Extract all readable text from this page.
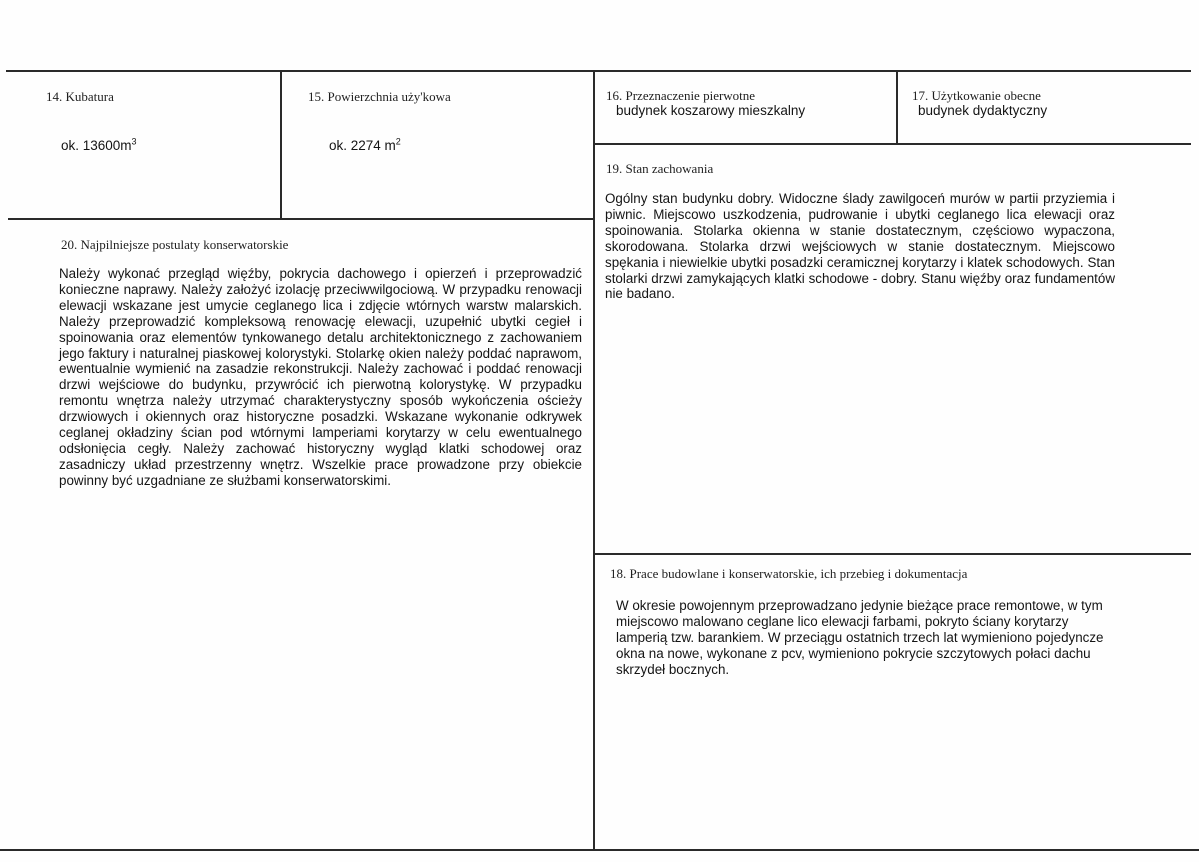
14. Kubatura
ok. $13600m^3$
15. Powierzchnia uży'kowa
ok. 2274 $m^2$
16. Przeznaczenie pierwotne
budynek koszarowy mieszkalny
17. Użytkowanie obecne
budynek dydaktyczny
19. Stan zachowania
Ogólny stan budynku dobry. Widoczne ślady zawilgoceń murów w partii przyziemia i piwnic. Miejscowo uszkodzenia, pudrowanie i ubytki ceglanego lica elewacji oraz spoinowania. Stolarka okienna w stanie dostatecznym, częściowo wypaczona, skorodowana. Stolarka drzwi wejściowych w stanie dostatecznym. Miejscowo spękania i niewielkie ubytki posadzki ceramicznej korytarzy i klatek schodowych. Stan stolarki drzwi zamykających klatki schodowe - dobry. Stanu więźby oraz fundamentów nie badano.
20. Najpilniejsze postulaty konserwatorskie
Należy wykonać przegląd więźby, pokrycia dachowego i opierzeń i przeprowadzić konieczne naprawy. Należy założyć izolację przeciwwilgociową. W przypadku renowacji elewacji wskazane jest umycie ceglanego lica i zdjęcie wtórnych warstw malarskich. Należy przeprowadzić kompleksową renowację elewacji, uzupełnić ubytki cegieł i spoinowania oraz elementów tynkowanego detalu architektonicznego z zachowaniem jego faktury i naturalnej piaskowej kolorystyki. Stolarkę okien należy poddać naprawom, ewentualnie wymienić na zasadzie rekonstrukcji. Należy zachować i poddać renowacji drzwi wejściowe do budynku, przywrócić ich pierwotną kolorystykę. W przypadku remontu wnętrza należy utrzymać charakterystyczny sposób wykończenia ościeży drzwiowych i okiennych oraz historyczne posadzki. Wskazane wykonanie odkrywek ceglanej okładziny ścian pod wtórnymi lamperiami korytarzy w celu ewentualnego odsłonięcia cegły. Należy zachować historyczny wygląd klatki schodowej oraz zasadniczy układ przestrzenny wnętrz. Wszelkie prace prowadzone przy obiekcie powinny być uzgadniane ze służbami konserwatorskimi.
18. Prace budowlane i konserwatorskie, ich przebieg i dokumentacja
W okresie powojennym przeprowadzano jedynie bieżące prace remontowe, w tym miejscowo malowano ceglane lico elewacji farbami, pokryto ściany korytarzy lamperią tzw. barankiem. W przeciągu ostatnich trzech lat wymieniono pojedyncze okna na nowe, wykonane z pcv, wymieniono pokrycie szczytowych połaci dachu skrzydeł bocznych.
